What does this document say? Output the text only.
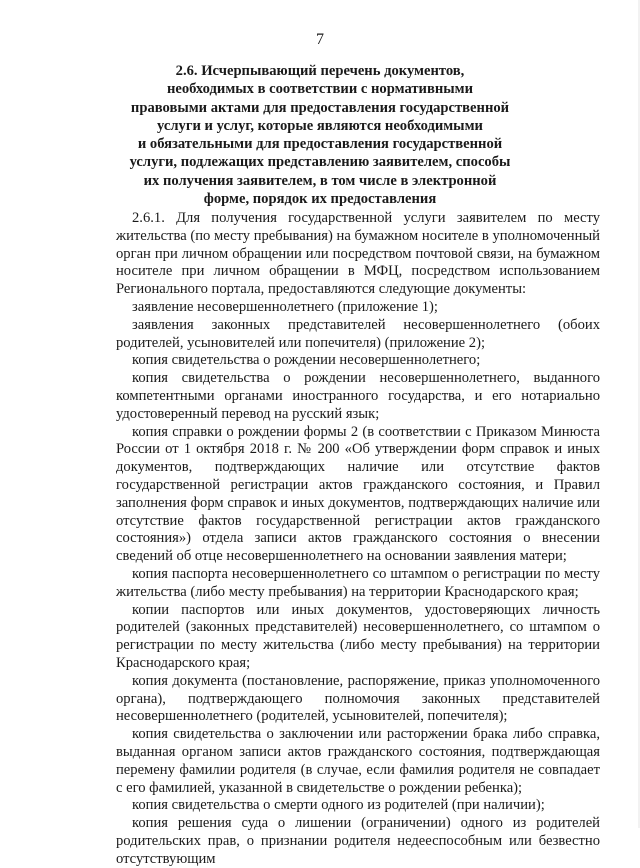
7
2.6. Исчерпывающий перечень документов,
необходимых в соответствии с нормативными
правовыми актами для предоставления государственной
услуги и услуг, которые являются необходимыми
и обязательными для предоставления государственной
услуги, подлежащих представлению заявителем, способы
их получения заявителем, в том числе в электронной
форме, порядок их предоставления

2.6.1. Для получения государственной услуги заявителем по месту жительства (по месту пребывания) на бумажном носителе в уполномоченный орган при личном обращении или посредством почтовой связи, на бумажном носителе при личном обращении в МФЦ, посредством использованием Регионального портала, предоставляются следующие документы:

заявление несовершеннолетнего (приложение 1);

заявления законных представителей несовершеннолетнего (обоих родителей, усыновителей или попечителя) (приложение 2);

копия свидетельства о рождении несовершеннолетнего;

копия свидетельства о рождении несовершеннолетнего, выданного компетентными органами иностранного государства, и его нотариально удостоверенный перевод на русский язык;

копия справки о рождении формы 2 (в соответствии с Приказом Минюста России от 1 октября 2018 г. № 200 «Об утверждении форм справок и иных документов, подтверждающих наличие или отсутствие фактов государственной регистрации актов гражданского состояния, и Правил заполнения форм справок и иных документов, подтверждающих наличие или отсутствие фактов государственной регистрации актов гражданского состояния») отдела записи актов гражданского состояния о внесении сведений об отце несовершеннолетнего на основании заявления матери;

копия паспорта несовершеннолетнего со штампом о регистрации по месту жительства (либо месту пребывания) на территории Краснодарского края;

копии паспортов или иных документов, удостоверяющих личность родителей (законных представителей) несовершеннолетнего, со штампом о регистрации по месту жительства (либо месту пребывания) на территории Краснодарского края;

копия документа (постановление, распоряжение, приказ уполномоченного органа), подтверждающего полномочия законных представителей несовершеннолетнего (родителей, усыновителей, попечителя);

копия свидетельства о заключении или расторжении брака либо справка, выданная органом записи актов гражданского состояния, подтверждающая перемену фамилии родителя (в случае, если фамилия родителя не совпадает с его фамилией, указанной в свидетельстве о рождении ребенка);

копия свидетельства о смерти одного из родителей (при наличии);

копия решения суда о лишении (ограничении) одного из родителей родительских прав, о признании родителя недееспособным или безвестно отсутствующим
